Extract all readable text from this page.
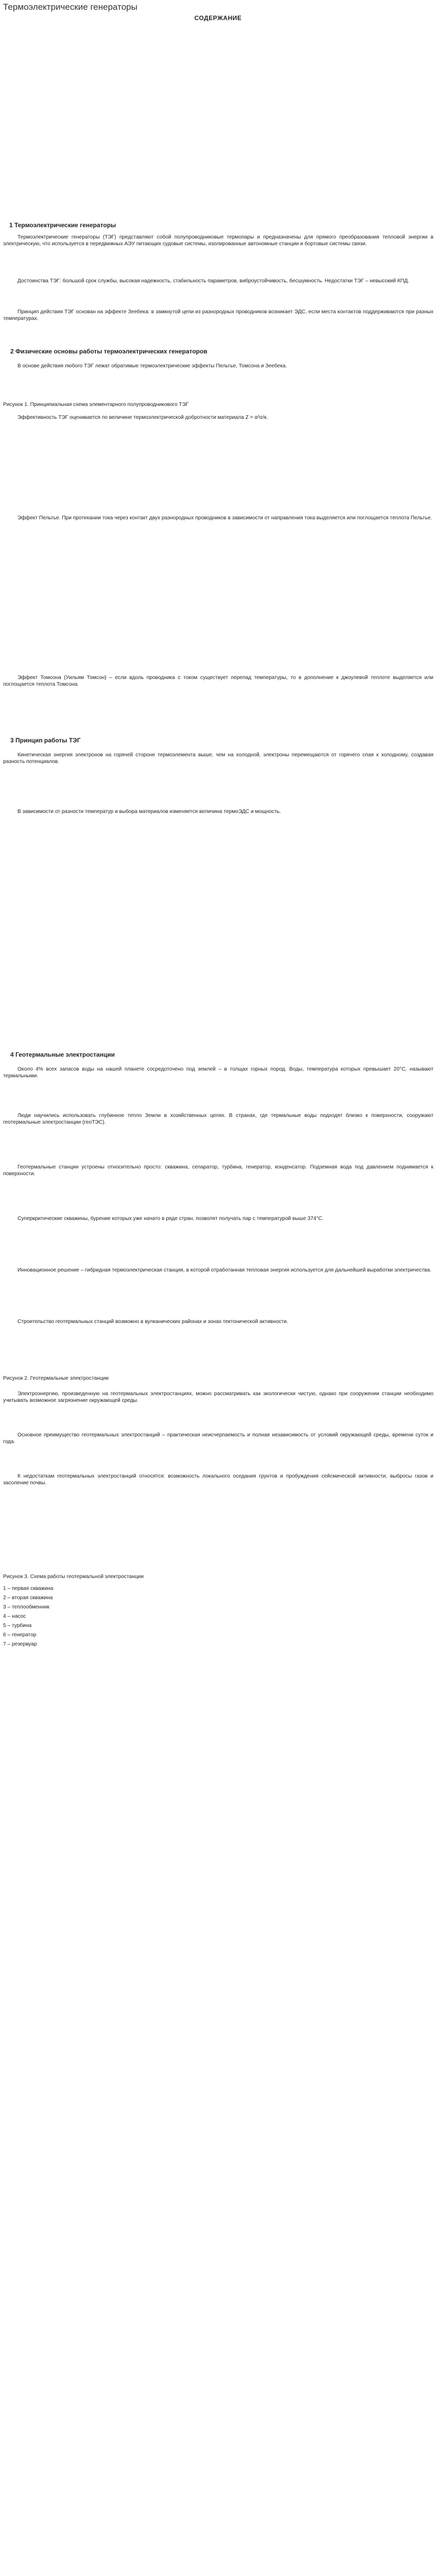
Термоэлектрические генераторы
СОДЕРЖАНИЕ
1 Термоэлектрические генераторы

Термоэлектрические генераторы (ТЭГ) представляют собой полупроводниковые термопары и предназначены для прямого преобразования тепловой энергии в электрическую, что используется в передвижных АЭУ питающих судовые системы, изолированные автономные станции и бортовые системы связи.

Достоинства ТЭГ: большой срок службы, высокая надежность, стабильность параметров, виброустойчивость, бесшумность. Недостатки ТЭГ – невысокий КПД.

Принцип действия ТЭГ основан на эффекте Зеебека: в замкнутой цепи из разнородных проводников возникает ЭДС, если места контактов поддерживаются при разных температурах.

Рисунок 1. Принципиальная схема элементарного полупроводникового ТЭГ
2 Физические основы работы термоэлектрических генераторов

В основе действия любого ТЭГ лежат обратимые термоэлектрические эффекты Пельтье, Томсона и Зеебека.

Эффективность ТЭГ оценивается по величине термоэлектрической добротности материала Z = α²σ/κ.

Эффект Пельтье. При протекании тока через контакт двух разнородных проводников в зависимости от направления тока выделяется или поглощается теплота Пельтье.

Эффект Томсона (Уильям Томсон) – если вдоль проводника с током существует перепад температуры, то в дополнение к джоулевой теплоте выделяется или поглощается теплота Томсона.

3 Принцип работы ТЭГ

Кинетическая энергия электронов на горячей стороне термоэлемента выше, чем на холодной, электроны перемещаются от горячего спая к холодному, создавая разность потенциалов.

В зависимости от разности температур и выбора материалов изменяется величина термоЭДС и мощность.

4 Геотермальные электростанции

Около 4% всех запасов воды на нашей планете сосредоточено под землей – в толщах горных пород. Воды, температура которых превышает 20°C, называют термальными.

Люди научились использовать глубинное тепло Земли в хозяйственных целях. В странах, где термальные воды подходят близко к поверхности, сооружают геотермальные электростанции (геоТЭС).

Геотермальные станции устроены относительно просто: скважина, сепаратор, турбина, генератор, конденсатор. Подземная вода под давлением поднимается к поверхности.

Суперкритические скважины, бурение которых уже начато в ряде стран, позволят получать пар с температурой выше 374°C.

Инновационное решение – гибридная термоэлектрическая станция, в которой отработанная тепловая энергия используется для дальнейшей выработки электричества.

Строительство геотермальных станций возможно в вулканических районах и зонах тектонической активности.

Рисунок 2. Геотермальные электростанции

Электроэнергию, произведенную на геотермальных электростанциях, можно рассматривать как экологически чистую, однако при сооружении станции необходимо учитывать возможное загрязнение окружающей среды.

Основное преимущество геотермальных электростанций – практическая неисчерпаемость и полная независимость от условий окружающей среды, времени суток и года.

К недостаткам геотермальных электростанций относятся: возможность локального оседания грунтов и пробуждения сейсмической активности, выбросы газов и засоление почвы.

Рисунок 3. Схема работы геотермальной электростанции
1 – первая скважина
2 – вторая скважина
3 – теплообменник
4 – насос
5 – турбина
6 – генератор
7 – резервуар
